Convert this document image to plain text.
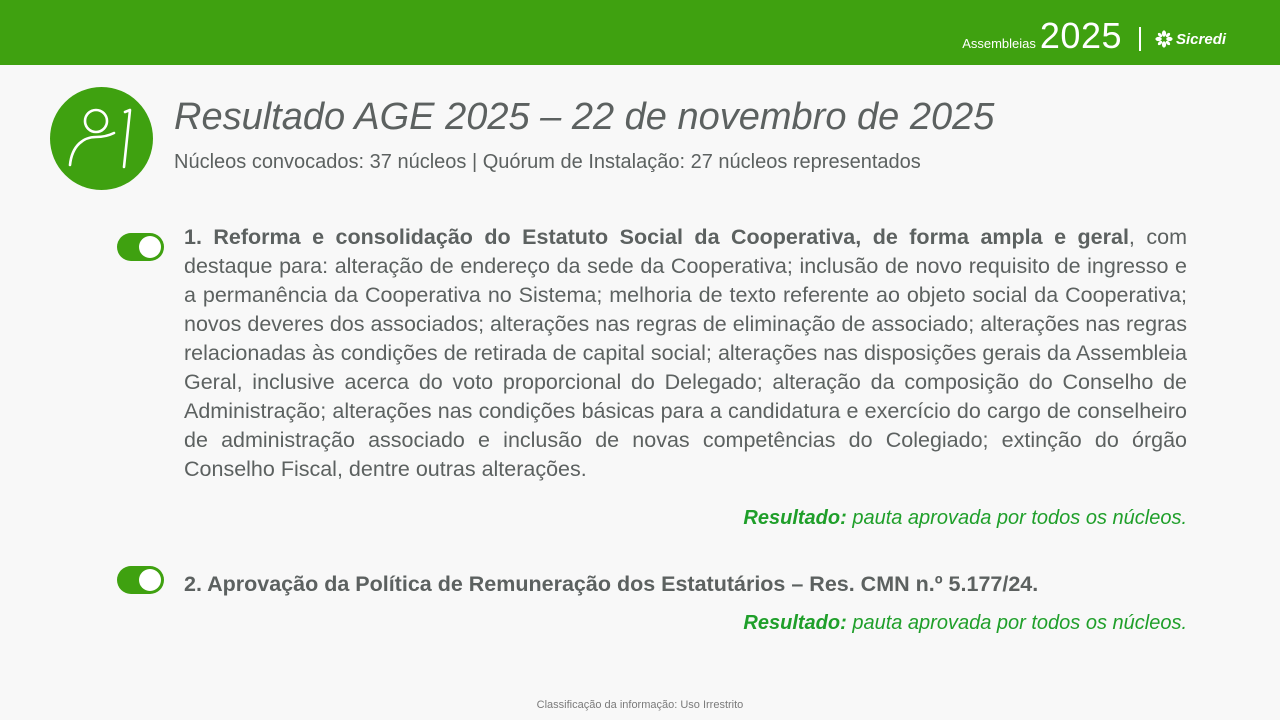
Assembleias 2025	Sicredi
Resultado AGE 2025 – 22 de novembro de 2025
Núcleos convocados: 37 núcleos | Quórum de Instalação: 27 núcleos representados
1. Reforma e consolidação do Estatuto Social da Cooperativa, de forma ampla e geral, com destaque para: alteração de endereço da sede da Cooperativa; inclusão de novo requisito de ingresso e a permanência da Cooperativa no Sistema; melhoria de texto referente ao objeto social da Cooperativa; novos deveres dos associados; alterações nas regras de eliminação de associado; alterações nas regras relacionadas às condições de retirada de capital social; alterações nas disposições gerais da Assembleia Geral, inclusive acerca do voto proporcional do Delegado; alteração da composição do Conselho de Administração; alterações nas condições básicas para a candidatura e exercício do cargo de conselheiro de administração associado e inclusão de novas competências do Colegiado; extinção do órgão Conselho Fiscal, dentre outras alterações.
Resultado: pauta aprovada por todos os núcleos.
2. Aprovação da Política de Remuneração dos Estatutários – Res. CMN n.º 5.177/24.
Resultado: pauta aprovada por todos os núcleos.
Classificação da informação: Uso Irrestrito
